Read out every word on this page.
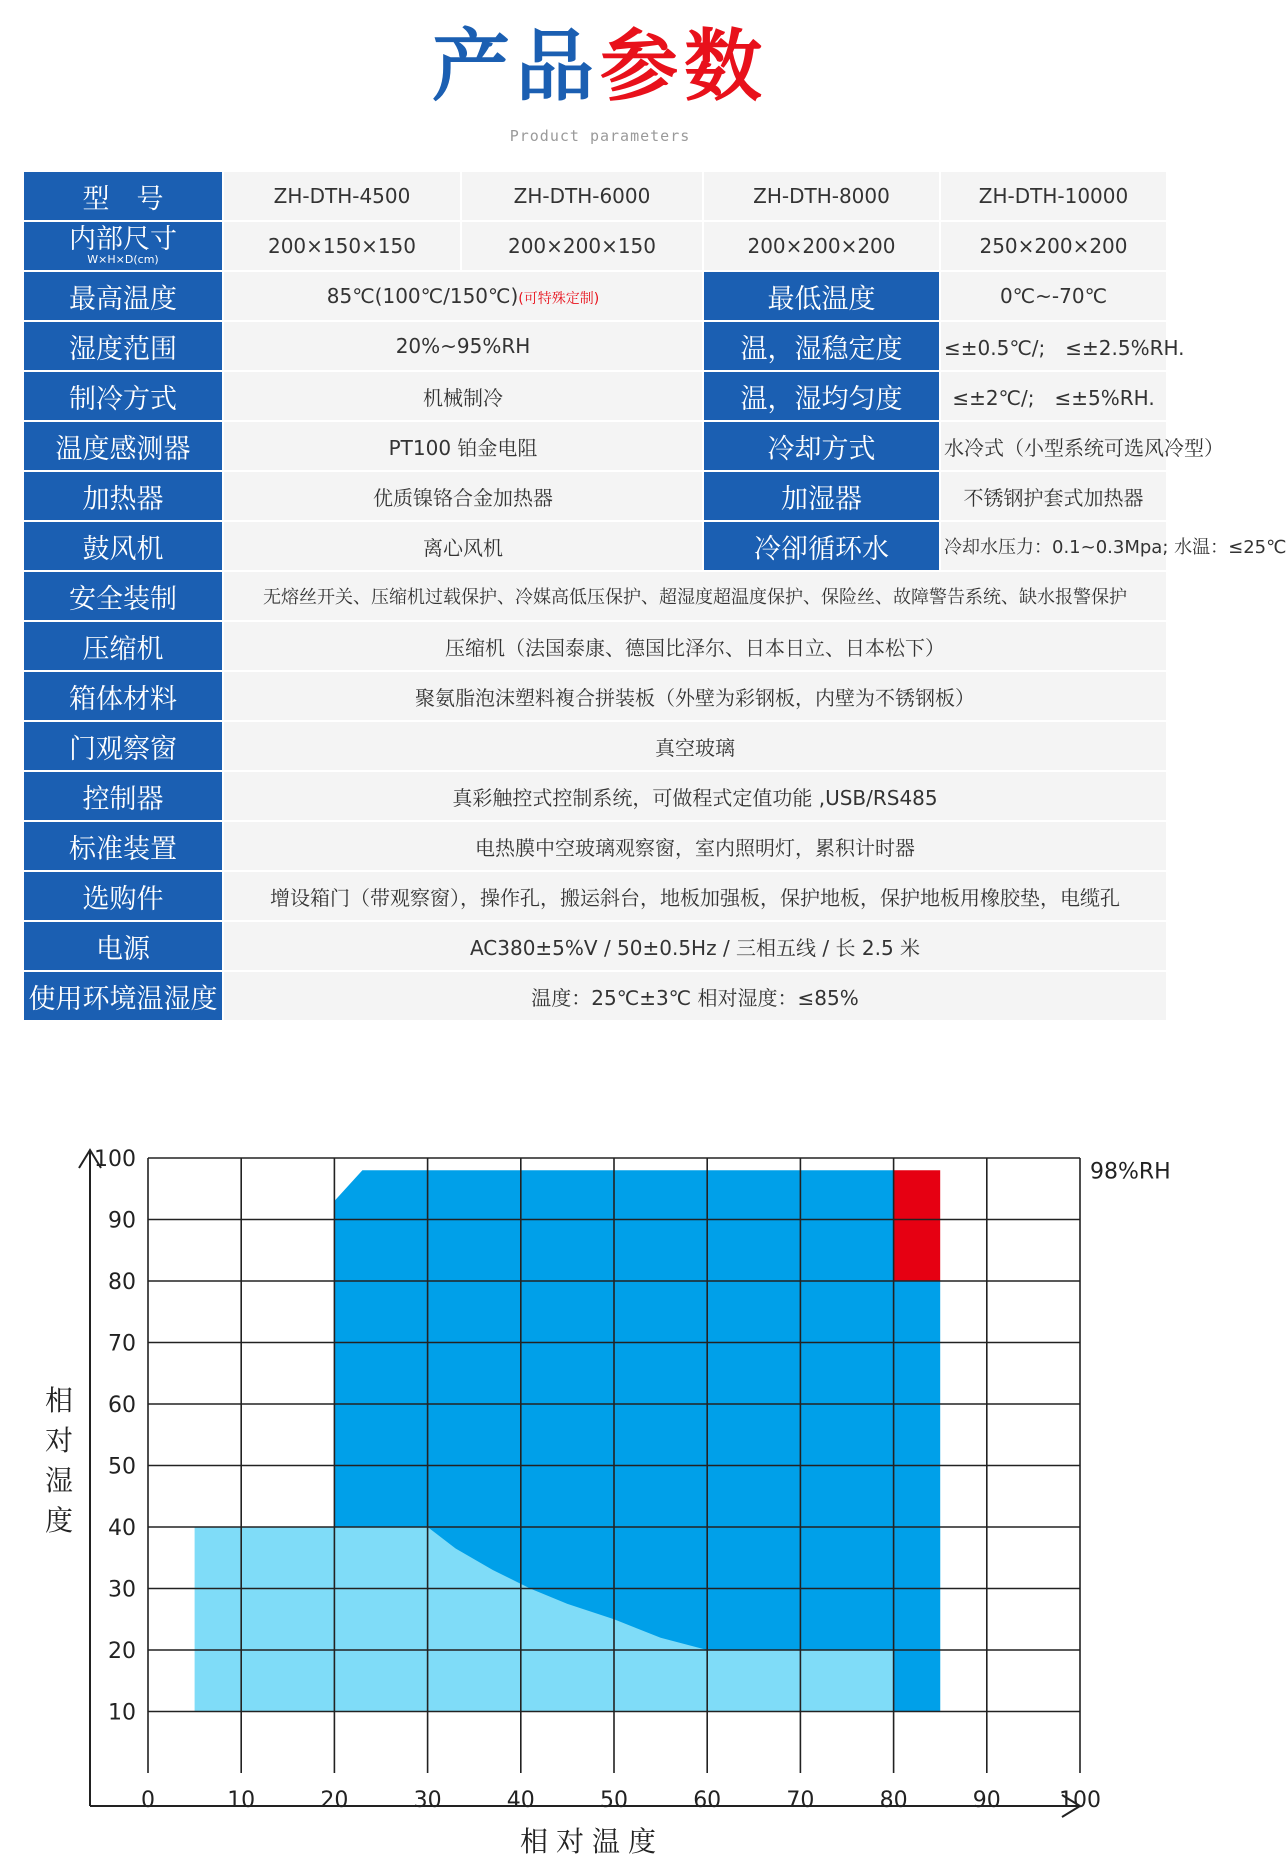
产品参数
Product parameters
型　号	ZH-DTH-4500	ZH-DTH-6000	ZH-DTH-8000	ZH-DTH-10000

内部尺寸
W×H×D(cm)	200×150×150	200×200×150	200×200×200	250×200×200
最高温度	85℃(100℃/150℃)(可特殊定制)		最低温度	0℃~-70℃
湿度范围	20%~95%RH		温，湿稳定度	≤±0.5℃/;　≤±2.5%RH.
制冷方式	机械制冷		温，湿均匀度	≤±2℃/;　≤±5%RH.
温度感测器	PT100 铂金电阻		冷却方式	水冷式（小型系统可选风冷型）
加热器	优质镍铬合金加热器		加湿器	不锈钢护套式加热器
鼓风机	离心风机		冷卻循环水	冷却水压力：0.1~0.3Mpa; 水温：≤25℃
安全装制	无熔丝开关、压缩机过载保护、冷媒高低压保护、超湿度超温度保护、保险丝、故障警告系统、缺水报警保护			
压缩机	压缩机（法国泰康、德国比泽尔、日本日立、日本松下）			
箱体材料	聚氨脂泡沫塑料複合拼装板（外壁为彩钢板，内壁为不锈钢板）			
门观察窗	真空玻璃			
控制器	真彩触控式控制系统，可做程式定值功能 ,USB/RS485			
标准装置	电热膜中空玻璃观察窗，室内照明灯，累积计时器			
选购件	增设箱门（带观察窗），操作孔，搬运斜台，地板加强板，保护地板，保护地板用橡胶垫，电缆孔			
电源	AC380±5%V / 50±0.5Hz / 三相五线 / 长 2.5 米			
使用环境温湿度	温度：25℃±3℃ 相对湿度：≤85%			
0	10	20	30	40	50	60	70	80	90	100
10
20
30
40
50
60
70
80
90
100
相对温度
相对湿度
98%RH
